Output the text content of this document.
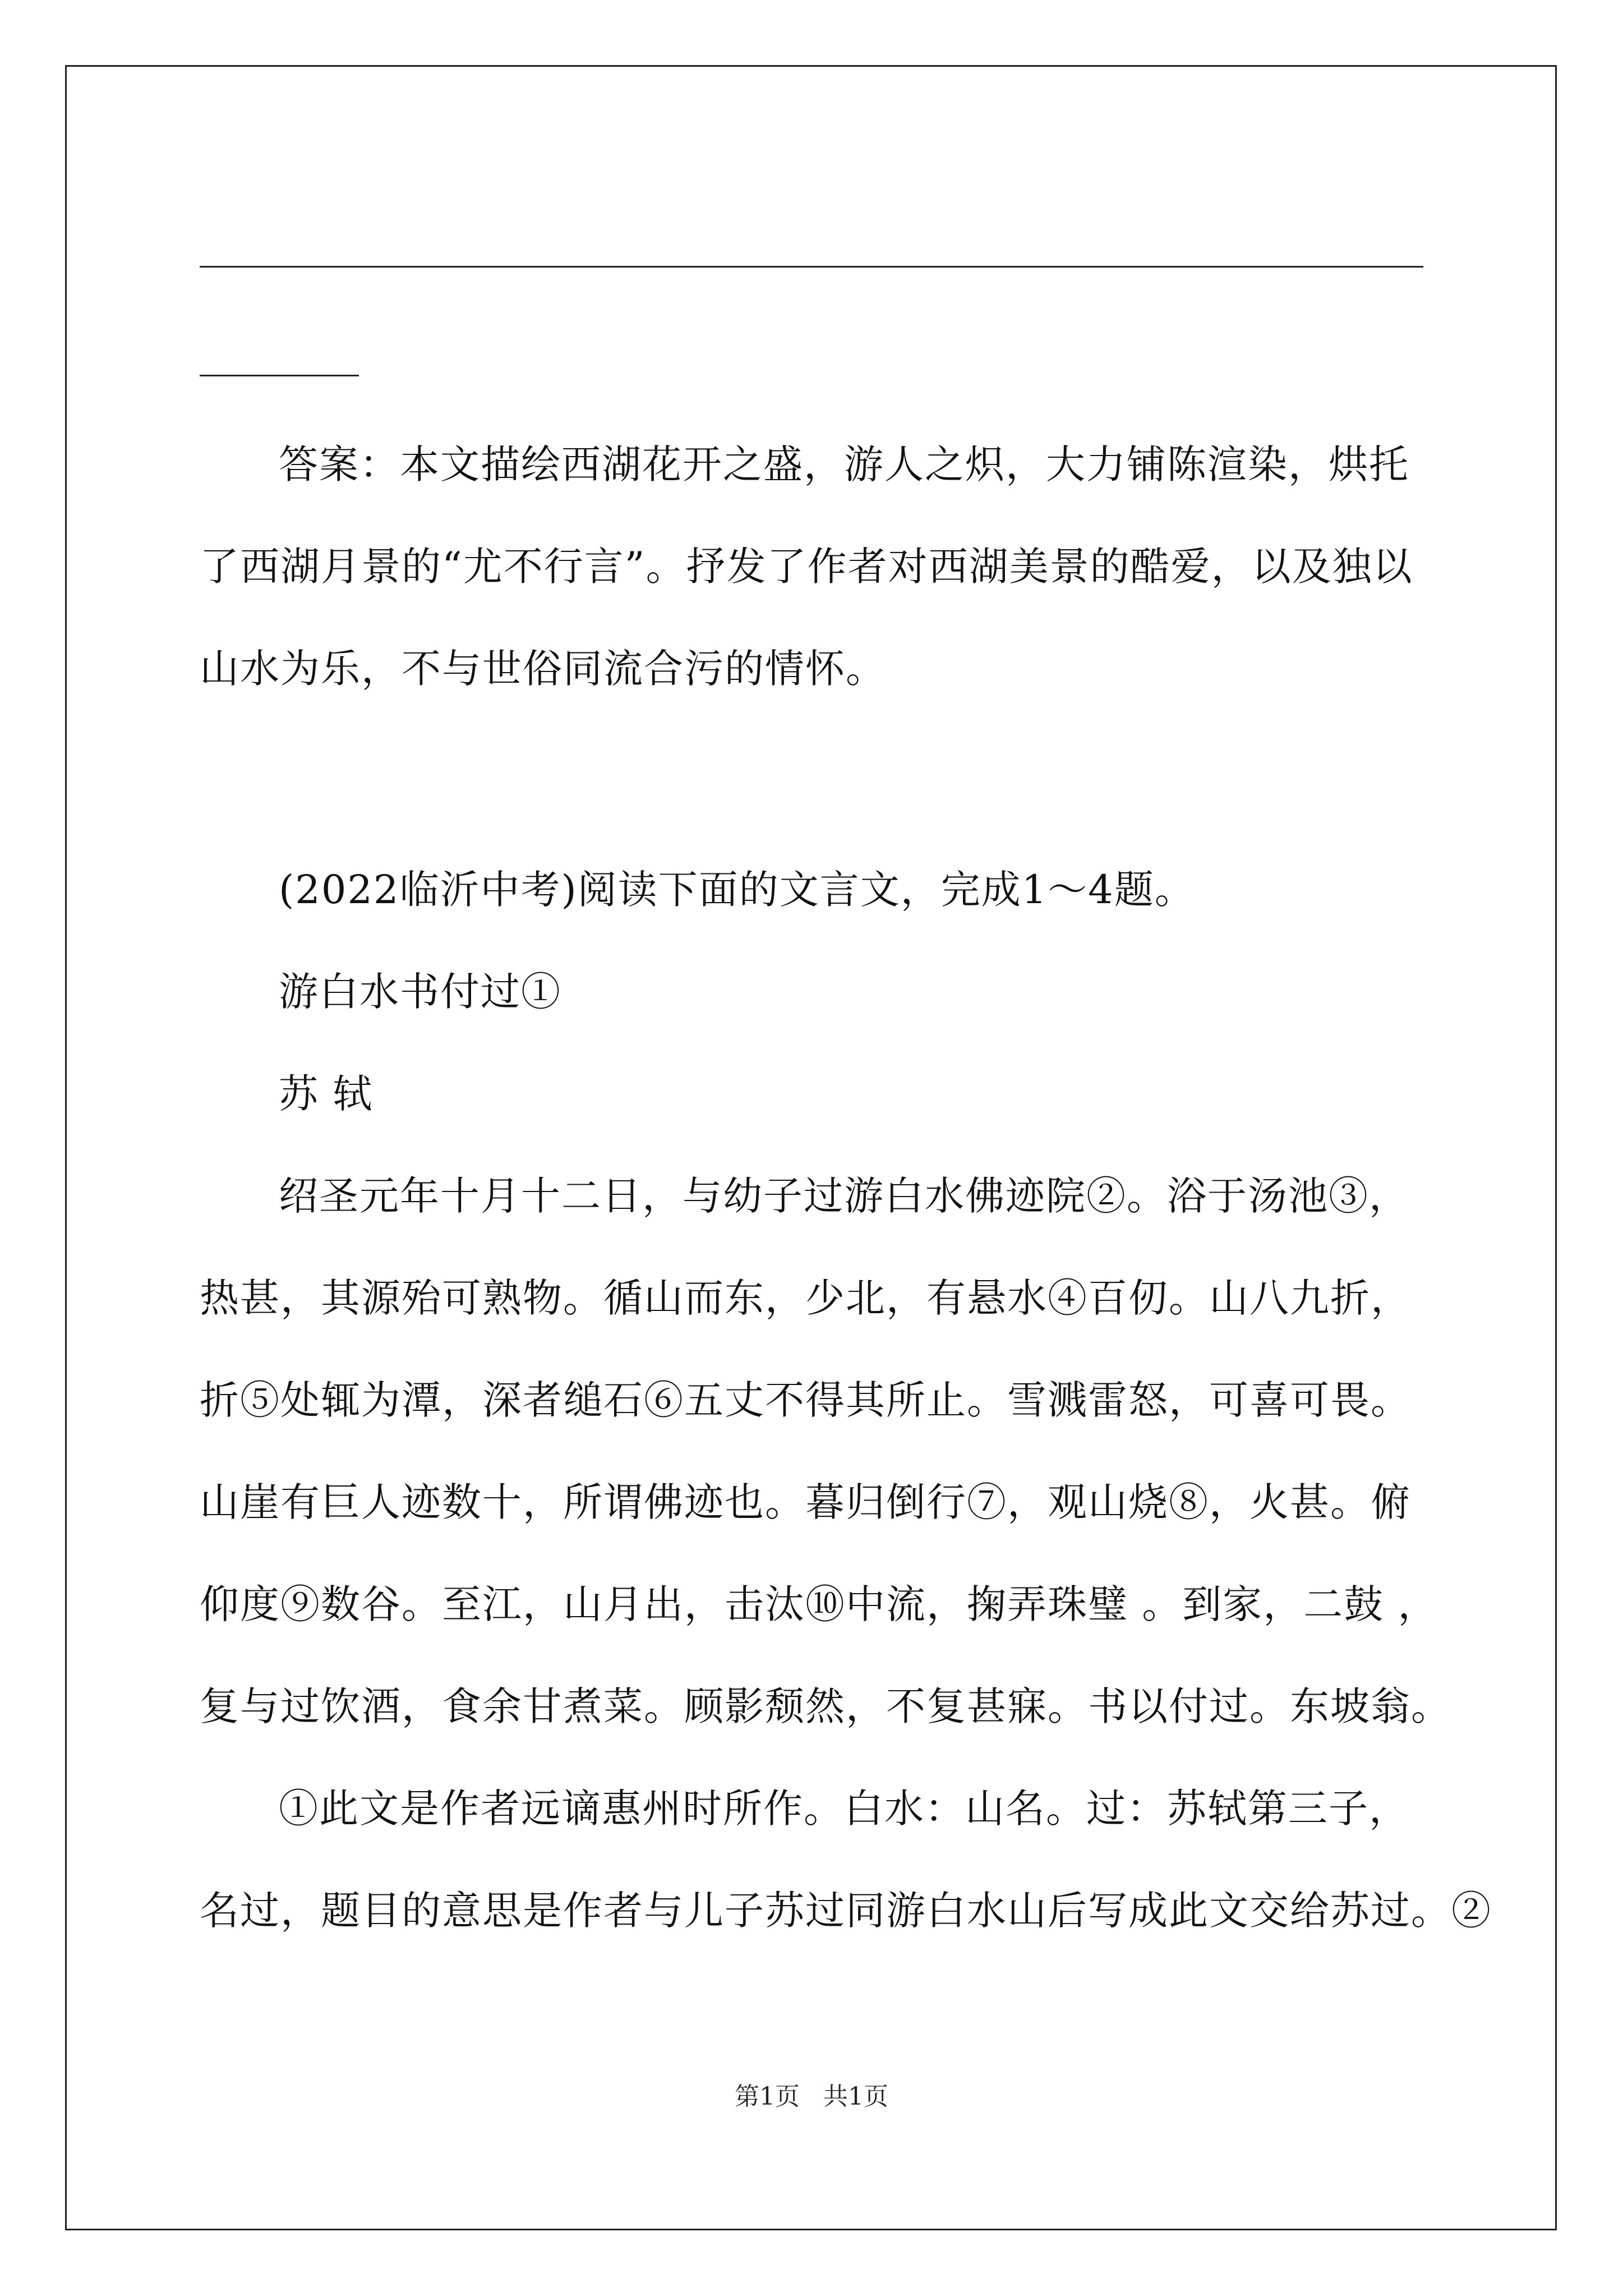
答案：本文描绘西湖花开之盛，游人之炽，大力铺陈渲染，烘托
了西湖月景的“尤不行言”。抒发了作者对西湖美景的酷爱，以及独以
山水为乐，不与世俗同流合污的情怀。
(2022临沂中考)阅读下面的文言文，完成1～4题。
游白水书付过①
苏 轼
绍圣元年十月十二日，与幼子过游白水佛迹院②。浴于汤池③，
热甚，其源殆可熟物。循山而东，少北，有悬水④百仞。山八九折，
折⑤处辄为潭，深者缒石⑥五丈不得其所止。雪溅雷怒，可喜可畏。
山崖有巨人迹数十，所谓佛迹也。暮归倒行⑦，观山烧⑧，火甚。俯
仰度⑨数谷。至江，山月出，击汰⑩中流，掬弄珠璧 。到家，二鼓 ，
复与过饮酒，食余甘煮菜。顾影颓然，不复甚寐。书以付过。东坡翁。
①此文是作者远谪惠州时所作。白水：山名。过：苏轼第三子，
名过，题目的意思是作者与儿子苏过同游白水山后写成此文交给苏过。②
第1页 共1页
